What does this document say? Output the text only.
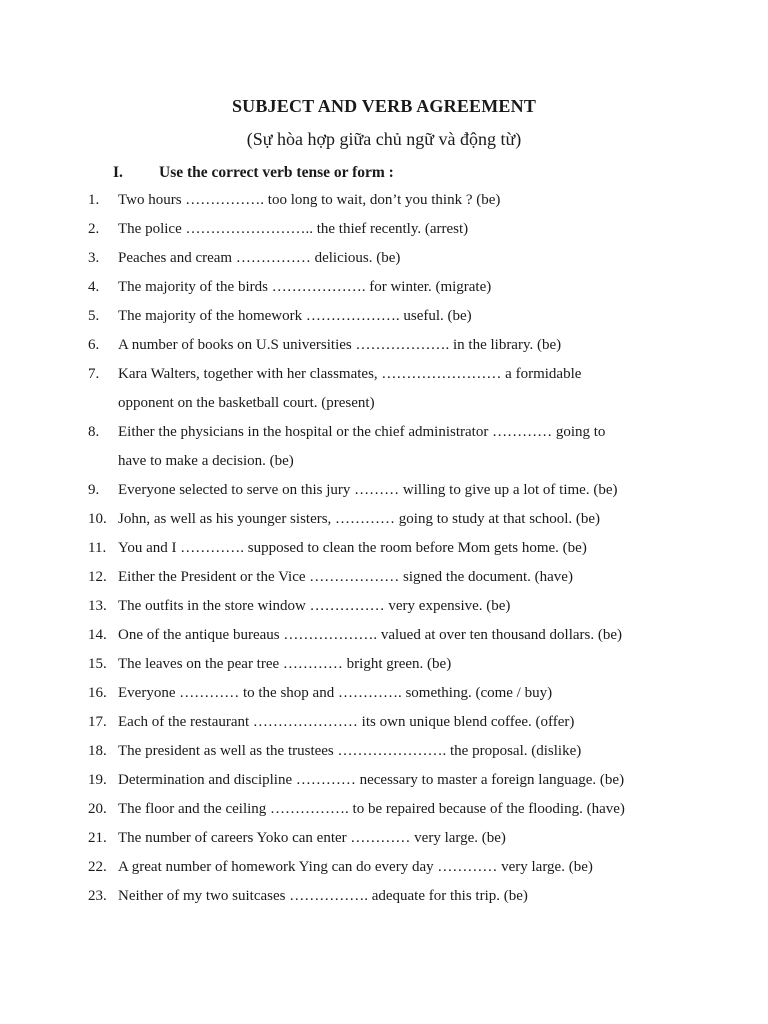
SUBJECT AND VERB AGREEMENT
(Sự hòa hợp giữa chủ ngữ và động từ)
I. Use the correct verb tense or form :
1.	Two hours ……………. too long to wait, don’t you think ? (be)
2.	The police …………………….. the thief recently. (arrest)
3.	Peaches and cream …………… delicious. (be)
4.	The majority of the birds ………………. for winter. (migrate)
5.	The majority of the homework ………………. useful. (be)
6.	A number of books on U.S universities ………………. in the library. (be)
7.	Kara Walters, together with her classmates, …………………… a formidable
opponent on the basketball court. (present)
8.	Either the physicians in the hospital or the chief administrator ………… going to
have to make a decision. (be)
9.	Everyone selected to serve on this jury ……… willing to give up a lot of time. (be)
10. John, as well as his younger sisters, ………… going to study at that school. (be)
11. You and I …………. supposed to clean the room before Mom gets home. (be)
12. Either the President or the Vice ……………… signed the document. (have)
13. The outfits in the store window …………… very expensive. (be)
14. One of the antique bureaus ………………. valued at over ten thousand dollars. (be)
15. The leaves on the pear tree ………… bright green. (be)
16. Everyone ………… to the shop and …………. something. (come / buy)
17. Each of the restaurant ………………… its own unique blend coffee. (offer)
18. The president as well as the trustees …………………. the proposal. (dislike)
19. Determination and discipline ………… necessary to master a foreign language. (be)
20. The floor and the ceiling ……………. to be repaired because of the flooding. (have)
21. The number of careers Yoko can enter ………… very large. (be)
22. A great number of homework Ying can do every day ………… very large. (be)
23. Neither of my two suitcases ……………. adequate for this trip. (be)
